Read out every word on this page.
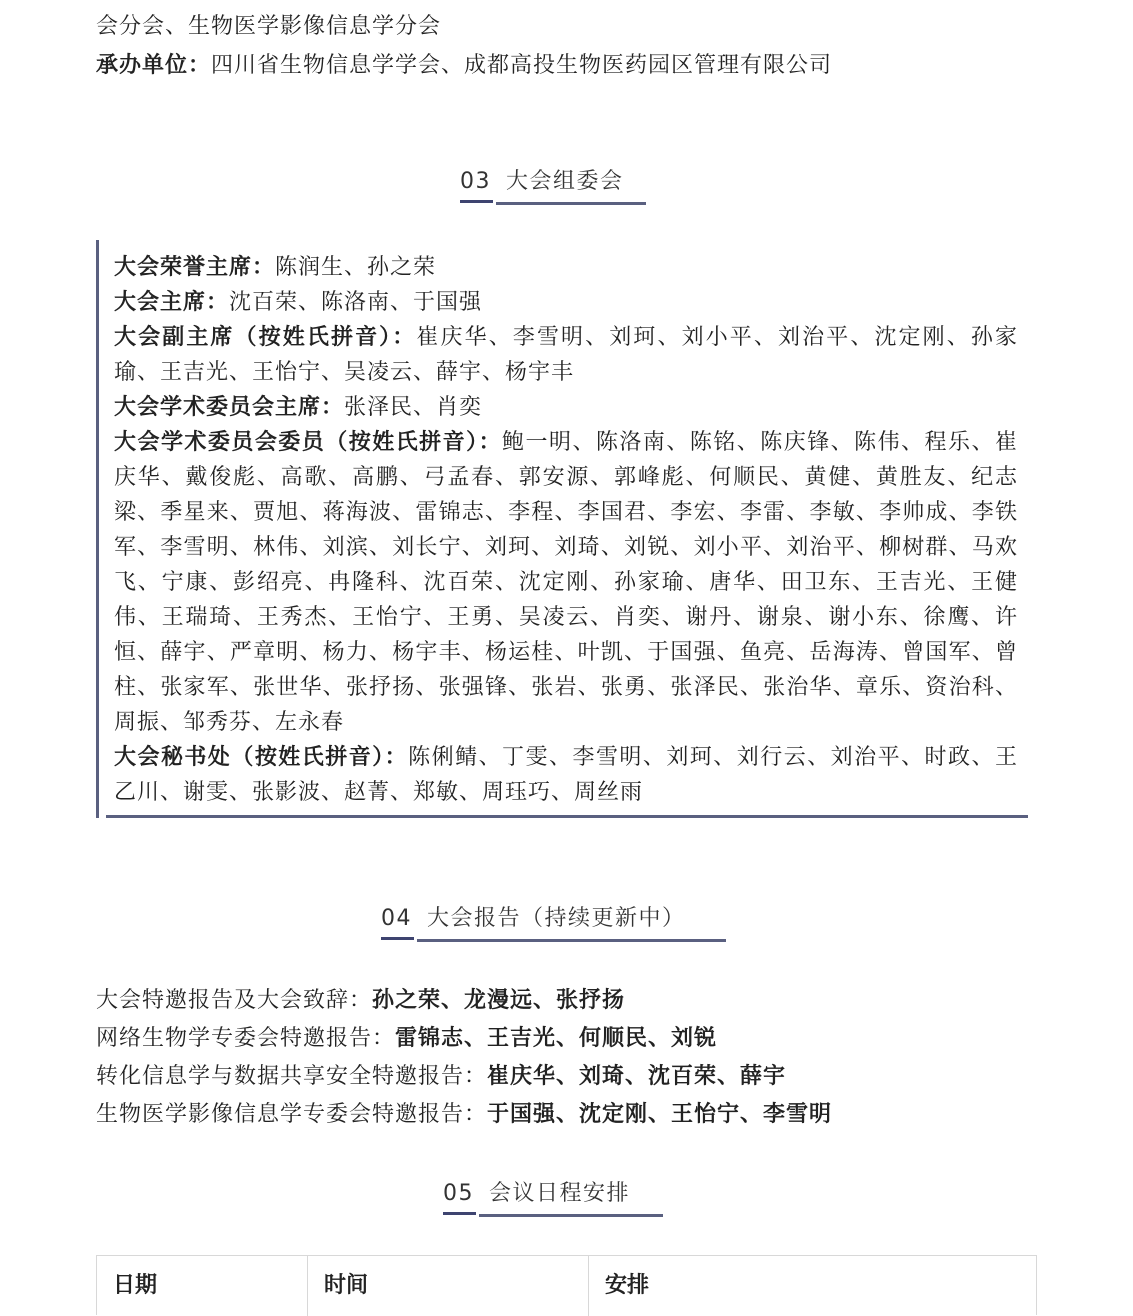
会分会、生物医学影像信息学分会
承办单位：四川省生物信息学学会、成都高投生物医药园区管理有限公司
03 大会组委会

大会荣誉主席：陈润生、孙之荣

大会主席：沈百荣、陈洛南、于国强

大会副主席（按姓氏拼音）：崔庆华、李雪明、刘珂、刘小平、刘治平、沈定刚、孙家瑜、王吉光、王怡宁、吴凌云、薛宇、杨宇丰

大会学术委员会主席：张泽民、肖奕

大会学术委员会委员（按姓氏拼音）：鲍一明、陈洛南、陈铭、陈庆锋、陈伟、程乐、崔庆华、戴俊彪、高歌、高鹏、弓孟春、郭安源、郭峰彪、何顺民、黄健、黄胜友、纪志梁、季星来、贾旭、蒋海波、雷锦志、李程、李国君、李宏、李雷、李敏、李帅成、李铁军、李雪明、林伟、刘滨、刘长宁、刘珂、刘琦、刘锐、刘小平、刘治平、柳树群、马欢飞、宁康、彭绍亮、冉隆科、沈百荣、沈定刚、孙家瑜、唐华、田卫东、王吉光、王健伟、王瑞琦、王秀杰、王怡宁、王勇、吴凌云、肖奕、谢丹、谢泉、谢小东、徐鹰、许恒、薛宇、严章明、杨力、杨宇丰、杨运桂、叶凯、于国强、鱼亮、岳海涛、曾国军、曾柱、张家军、张世华、张抒扬、张强锋、张岩、张勇、张泽民、张治华、章乐、资治科、周振、邹秀芬、左永春

大会秘书处（按姓氏拼音）：陈俐鲭、丁雯、李雪明、刘珂、刘行云、刘治平、时政、王乙川、谢雯、张影波、赵菁、郑敏、周珏巧、周丝雨

04 大会报告（持续更新中）
大会特邀报告及大会致辞：孙之荣、龙漫远、张抒扬
网络生物学专委会特邀报告：雷锦志、王吉光、何顺民、刘锐
转化信息学与数据共享安全特邀报告：崔庆华、刘琦、沈百荣、薛宇
生物医学影像信息学专委会特邀报告：于国强、沈定刚、王怡宁、李雪明
05 会议日程安排
日期	时间	安排
